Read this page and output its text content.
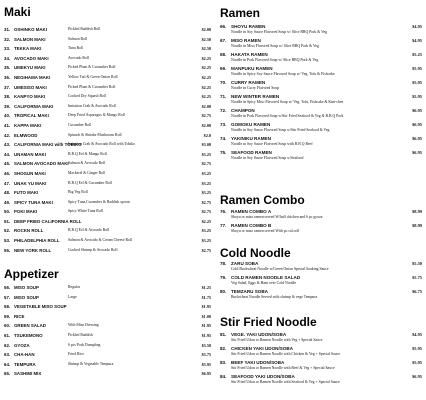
Maki
31. OSHINKO MAKI	Pickled Raddish Roll	$2.00
32. SALMON MAKI	Salmon Roll	$2.50
33. TEKKA MAKI	Tuna Roll	$2.50
34. AVOCADO MAKI	Avocado Roll	$2.25
35. UMEKYU MAKI	Picked Plum & Cucumber Roll	$2.25
36. NEGIHAMA MAKI	Yellow Tail & Green Onion Roll	$2.25
37. UMESISO MAKI	Picked Plum & Cucumber Roll	$2.25
38. KANPYO MAKI	Cooked Dry Squash Roll	$2.25
39. CALIFORNIA MAKI	Imitation Crab & Avocado Roll	$2.00
40. TROPICAL MAKI	Deep Fried Asparagus & Mango Roll	$2.75
41. KAPPA MAKI	Cucumber Roll	$2.00
42. ELMWOOD	Spinach & Shitake Mushroom Roll	$2.0
43. CALIFORNIA MAKI with TOBIKO
Imitation Crab & Avocado Roll with Tobiko	$3.00
44. UNAMAN MAKI	B.B.Q Eel & Mango Roll	$3.25
45. SALMON AVOCADO MAKI Salmon & Avocado Roll	$2.75
46. SHOGUN MAKI	Mackerel & Ginger Roll	$3.25
47. UNAK YU MAKI	B.B.Q Eel & Cucumber Roll	$3.25
48. FUTO MAKI	Big Veg Roll	$3.25
49. SPICY TUNA MAKI	Spicy Tuna,Cucumber & Raddish sprout	$2.75
50. POKI MAKI	Spicy White Tuna Roll	$2.75
51. DEEP FRIED CALIFORNIA ROLL	$2.25
52. ROCKN ROLL	B.B.Q Eel & Avocado Roll	$3.25
53. PHILADELPHIA ROLL Salmon & Avocado & Cream Cheese Roll	$3.25
55. NEW YORK ROLL	Cooked Shrimp & Avocado Roll	$2.75
Appetizer
56. MISO SOUP	Regular	$1.25
57. MISO SOUP	Large	$1.75
58. VEGETABLE MISO SOUP	$1.95
59. RICE	$1.00
60. GREEN SALAD	With Miso Dressing	$1.95
61. TSUKEMONO	Pickled Raddish	$1.95
62. GYOZA	6 pcs Pork Dumpling	$3.50
63. CHA-HAN	Fried Rice	$3.75
64. TEMPURA	Shrimp & Vegetable Tempura	$5.95
65. SASHIMI MIX	$6.95
Ramen
66. SHOYU RAMEN
Noodle in Soy Sauce Flavored Soup w/ Slice BBQ Pork & Veg
$4.95
67. MISO RAMEN
Noodle in Miso Flavored Soup w/ Slice BBQ Pork & Veg
$4.95
68. HAKATA RAMEN
Noodle in Pork Flavored Soup w/ Slice BBQ Pork & Veg
$5.25
69. MANPUKU RAMEN
Noodle in Spicy Soy Sauce Flavored Soup w/ Veg, Tofu & Fishcake
$5.95
70. CURRY RAMEN
Noodle in Curry Flavored Soup
$5.95
71. NEW WINTER RAMEN
Noodle in Spicy Miso Flavored Soup w/ Veg, Tofu, Fishcake & Kim-chee
$5.95
72. CHAMPON
Noodle in Pork Flavored Soup w/Stir Fried Seafood & Veg & B.B.Q Pork
$6.95
73. GOMOKU RAMEN
Noodle in Soy Sauce Flavored Soup w/Stir Fried Seafood & Veg
$6.95
74. YAKINIKU RAMEN
Noodle in Soy Sauce Flavored Soup with B.B.Q Beef
$6.95
75. SEAFOOD RAMEN
Noodle in Soy Sauce Flavored Soup w/Seafood
$6.95
Ramen Combo
76. RAMEN COMBO A
Shoyu or miso ramen served W/half chicken and 6 pc gyoza
$8.99
77. RAMEN COMBO B
Shoyu or miso ramen served With pc.cal.roll
$8.99
Cold Noodle
78. ZARU SOBA
Cold Buckwheat Noodle w/Green Onion Special Soaking Sauce
$5.50
79. COLD RAMEN NOODLE SALAD
Veg Salad, Eggs & Ham over Cold Noodle
$5.75
80. TEMZARU SOBA
Buckwheat Noodle Served with shrimp & vege Tempura
$6.75
Stir Fried Noodle
81. VEGE. YAKI UDON/SOBA
Stir Fried Udon or Ramen Noodle with Veg + Special Sauce
$4.95
82. CHICKEN YAKI UDON/SOBA
Stir Fried Udon or Ramen Noodle with Chicken & Veg + Special Sauce
$5.95
83. BEEF YAKI UDON/SOBA
Stir Fried Udon or Ramen Noodle with Beef & Veg + Special Sauce
$5.95
84. SEAFOOD YAKI UDON/SOBA
Stir Fried Udon or Ramen Noodle with Seafood & Veg + Special Sauce
$6.95
